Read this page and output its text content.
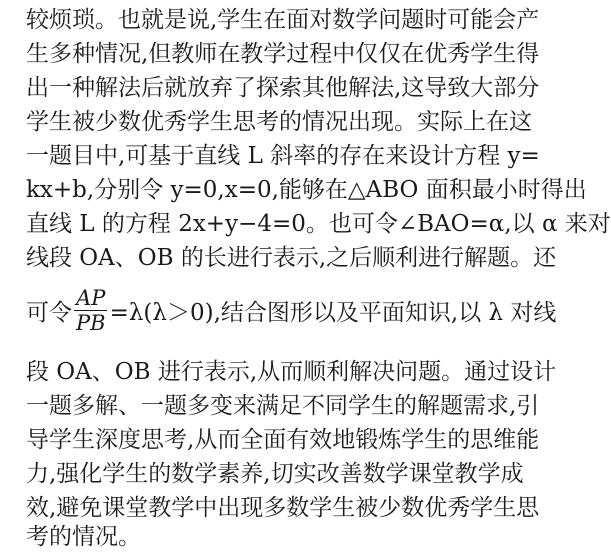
较烦琐。也就是说,学生在面对数学问题时可能会产
生多种情况,但教师在教学过程中仅仅在优秀学生得
出一种解法后就放弃了探索其他解法,这导致大部分
学生被少数优秀学生思考的情况出现。实际上在这
一题目中,可基于直线 L 斜率的存在来设计方程 y=
kx+b,分别令 y=0,x=0,能够在△ABO 面积最小时得出
直线 L 的方程 2x+y−4=0。也可令∠BAO=α,以 α 来对
线段 OA、OB 的长进行表示,之后顺利进行解题。还
可令 $\frac{AP}{PB} =\lambda(\lambda>0)$,结合图形以及平面知识,以 λ 对线
段 OA、OB 进行表示,从而顺利解决问题。通过设计
一题多解、一题多变来满足不同学生的解题需求,引
导学生深度思考,从而全面有效地锻炼学生的思维能
力,强化学生的数学素养,切实改善数学课堂教学成
效,避免课堂教学中出现多数学生被少数优秀学生思
考的情况。
